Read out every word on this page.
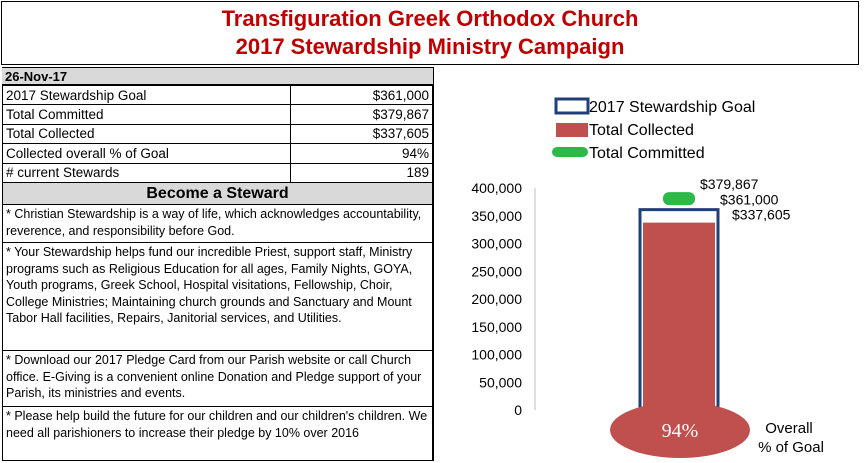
Transfiguration Greek Orthodox Church
2017 Stewardship Ministry Campaign
26-Nov-17
2017 Stewardship Goal	$361,000
Total Committed	$379,867
Total Collected	$337,605
Collected overall % of Goal	94%
# current Stewards	189
Become a Steward
* Christian Stewardship is a way of life, which acknowledges accountability, reverence, and responsibility before God.
* Your Stewardship helps fund our incredible Priest, support staff, Ministry programs such as Religious Education for all ages, Family Nights, GOYA, Youth programs, Greek School, Hospital visitations, Fellowship, Choir, College Ministries; Maintaining church grounds and Sanctuary and Mount Tabor Hall facilities, Repairs, Janitorial services, and Utilities.
* Download our 2017 Pledge Card from our Parish website or call Church office. E-Giving is a convenient online Donation and Pledge support of your Parish, its ministries and events.
* Please help build the future for our children and our children's children. We need all parishioners to increase their pledge by 10% over 2016
2017 Stewardship Goal
Total Collected
Total Committed
0
50,000
100,000
150,000
200,000
250,000
300,000
350,000
400,000	$379,867
$361,000
$337,605
94%	Overall
% of Goal
